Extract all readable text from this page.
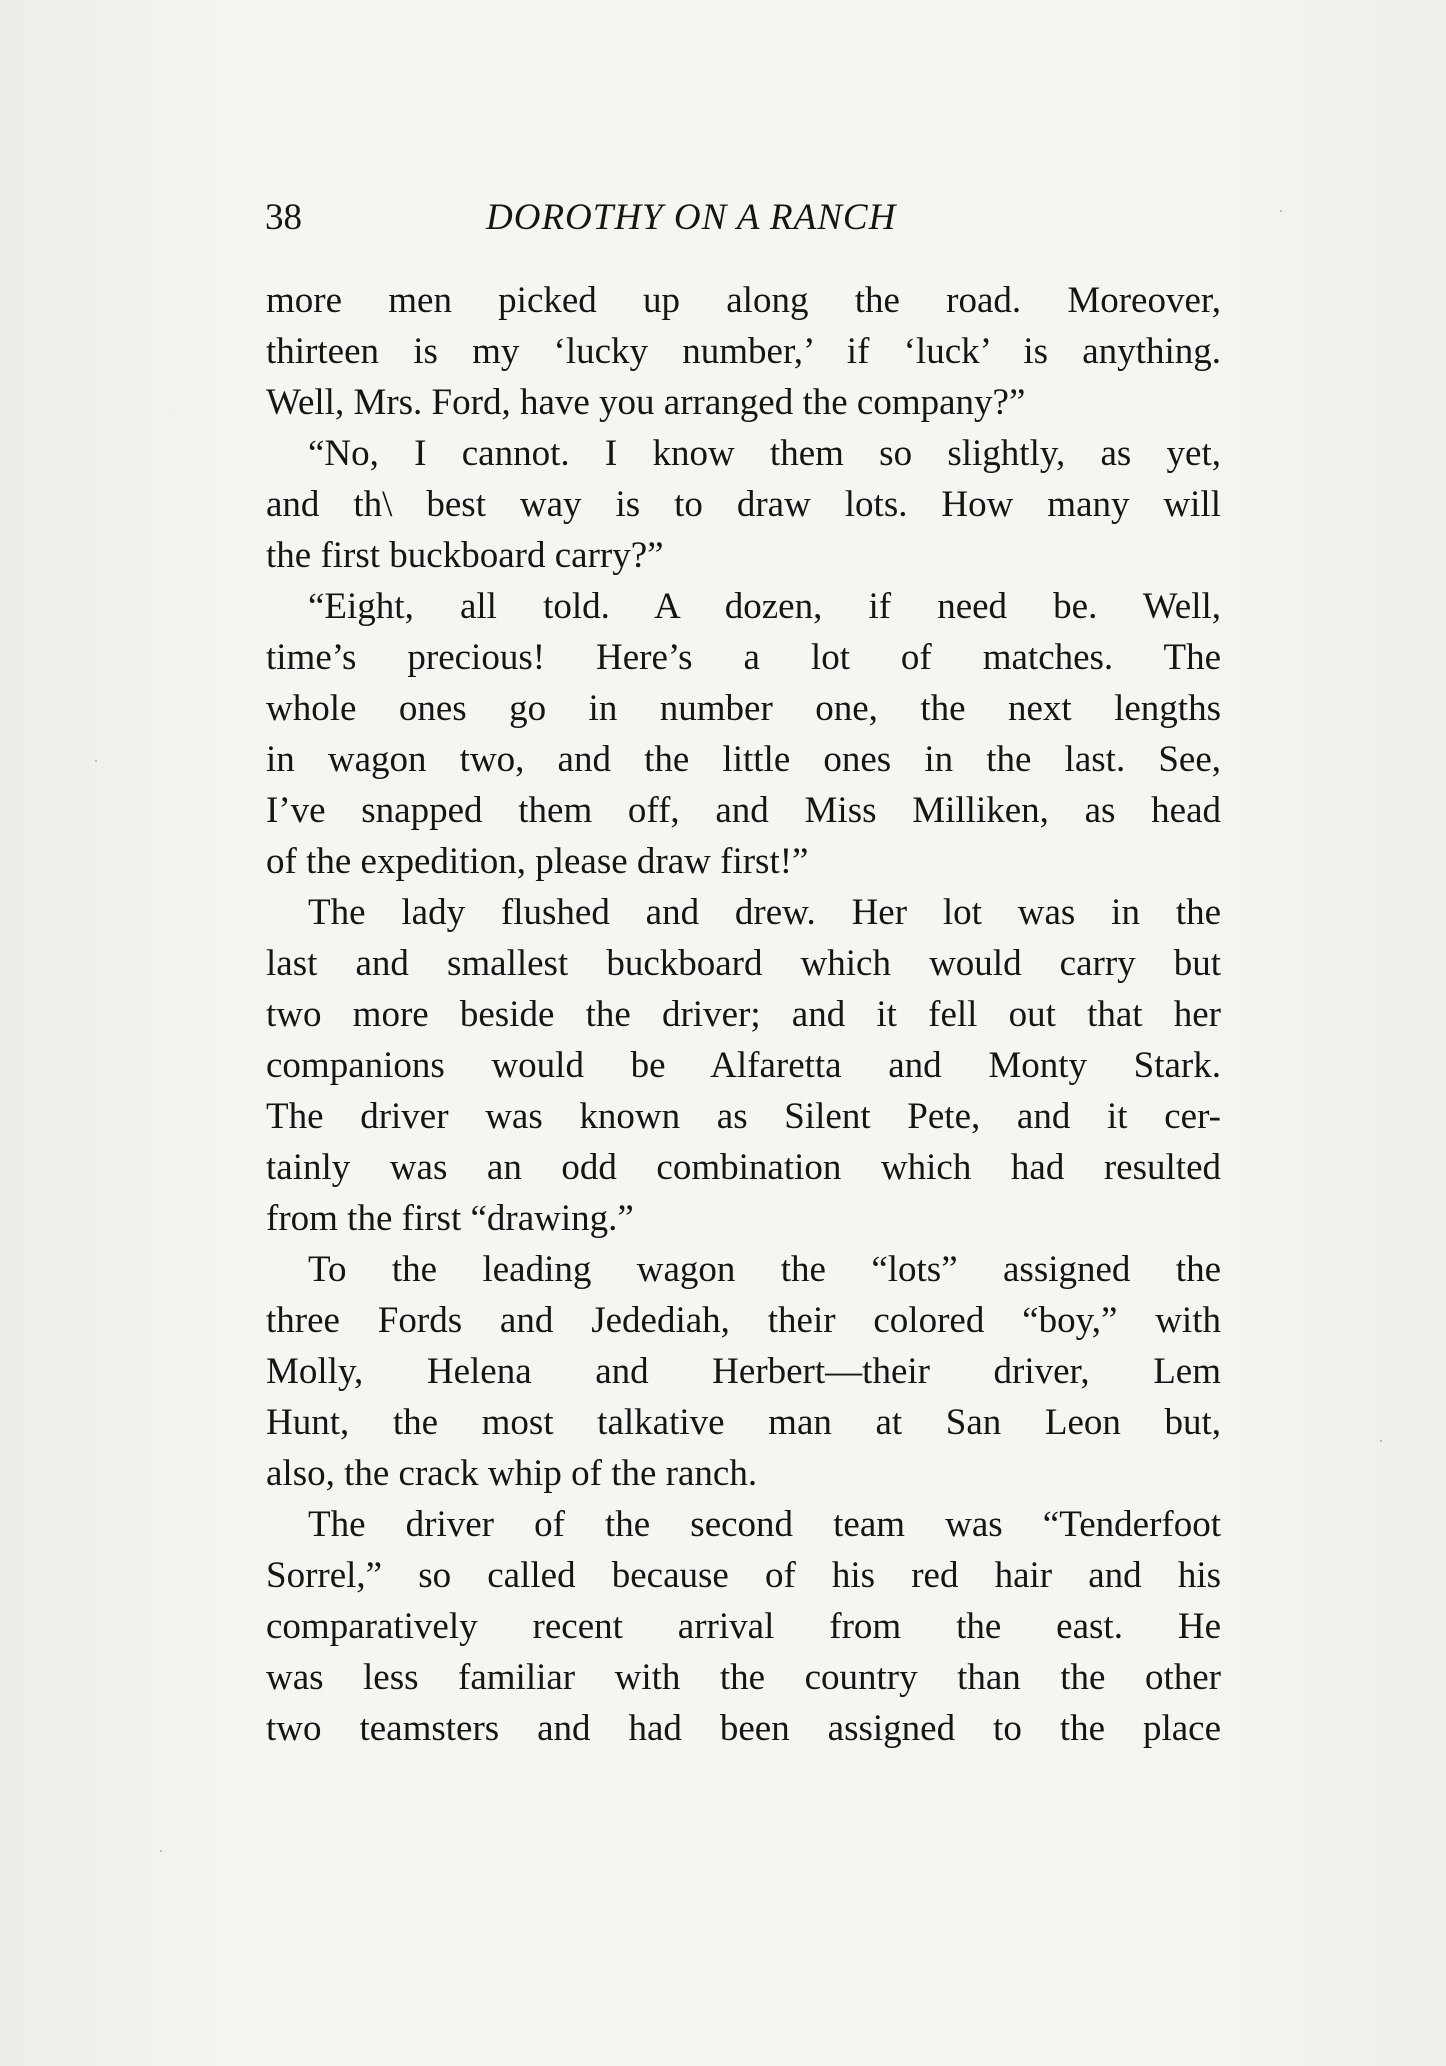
38	DOROTHY ON A RANCH
more men picked up along the road. Moreover,
thirteen is my ‘lucky number,’ if ‘luck’ is anything.
Well, Mrs. Ford, have you arranged the company?”
“No, I cannot. I know them so slightly, as yet,
and th\ best way is to draw lots. How many will
the first buckboard carry?”
“Eight, all told. A dozen, if need be. Well,
time’s precious! Here’s a lot of matches. The
whole ones go in number one, the next lengths
in wagon two, and the little ones in the last. See,
I’ve snapped them off, and Miss Milliken, as head
of the expedition, please draw first!”
The lady flushed and drew. Her lot was in the
last and smallest buckboard which would carry but
two more beside the driver; and it fell out that her
companions would be Alfaretta and Monty Stark.
The driver was known as Silent Pete, and it cer-
tainly was an odd combination which had resulted
from the first “drawing.”
To the leading wagon the “lots” assigned the
three Fords and Jedediah, their colored “boy,” with
Molly, Helena and Herbert—their driver, Lem
Hunt, the most talkative man at San Leon but,
also, the crack whip of the ranch.
The driver of the second team was “Tenderfoot
Sorrel,” so called because of his red hair and his
comparatively recent arrival from the east. He
was less familiar with the country than the other
two teamsters and had been assigned to the place
